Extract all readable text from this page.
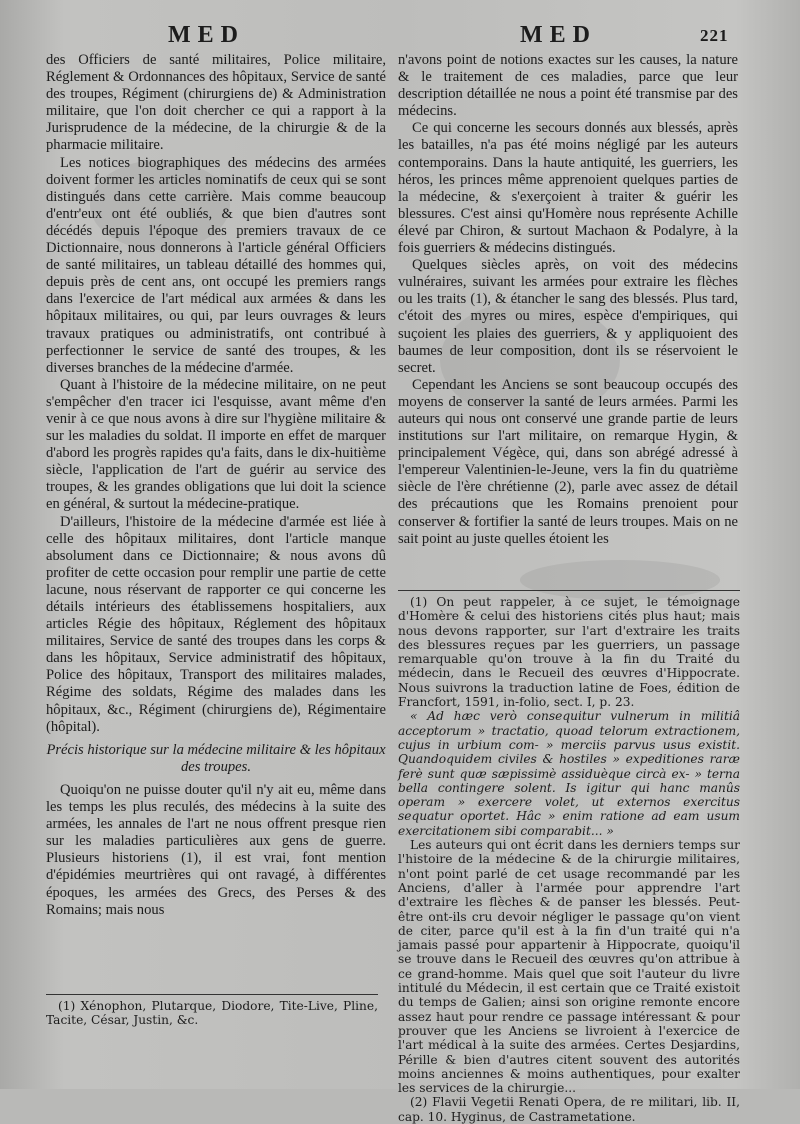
MED	MED	221

des Officiers de santé militaires, Police militaire, Réglement & Ordonnances des hôpitaux, Service de santé des troupes, Régiment (chirurgiens de) & Administration militaire, que l'on doit chercher ce qui a rapport à la Jurisprudence de la médecine, de la chirurgie & de la pharmacie militaire.

Les notices biographiques des médecins des armées doivent former les articles nominatifs de ceux qui se sont distingués dans cette carrière. Mais comme beaucoup d'entr'eux ont été oubliés, & que bien d'autres sont décédés depuis l'époque des premiers travaux de ce Dictionnaire, nous donnerons à l'article général Officiers de santé militaires, un tableau détaillé des hommes qui, depuis près de cent ans, ont occupé les premiers rangs dans l'exercice de l'art médical aux armées & dans les hôpitaux militaires, ou qui, par leurs ouvrages & leurs travaux pratiques ou administratifs, ont contribué à perfectionner le service de santé des troupes, & les diverses branches de la médecine d'armée.

Quant à l'histoire de la médecine militaire, on ne peut s'empêcher d'en tracer ici l'esquisse, avant même d'en venir à ce que nous avons à dire sur l'hygiène militaire & sur les maladies du soldat. Il importe en effet de marquer d'abord les progrès rapides qu'a faits, dans le dix-huitième siècle, l'application de l'art de guérir au service des troupes, & les grandes obligations que lui doit la science en général, & surtout la médecine-pratique.

D'ailleurs, l'histoire de la médecine d'armée est liée à celle des hôpitaux militaires, dont l'article manque absolument dans ce Dictionnaire; & nous avons dû profiter de cette occasion pour remplir une partie de cette lacune, nous réservant de rapporter ce qui concerne les détails intérieurs des établissemens hospitaliers, aux articles Régie des hôpitaux, Réglement des hôpitaux militaires, Service de santé des troupes dans les corps & dans les hôpitaux, Service administratif des hôpitaux, Police des hôpitaux, Transport des militaires malades, Régime des soldats, Régime des malades dans les hôpitaux, &c., Régiment (chirurgiens de), Régimentaire (hôpital).

Précis historique sur la médecine militaire & les hôpitaux des troupes.

Quoiqu'on ne puisse douter qu'il n'y ait eu, même dans les temps les plus reculés, des médecins à la suite des armées, les annales de l'art ne nous offrent presque rien sur les maladies particulières aux gens de guerre. Plusieurs historiens (1), il est vrai, font mention d'épidémies meurtrières qui ont ravagé, à différentes époques, les armées des Grecs, des Perses & des Romains; mais nous

(1) Xénophon, Plutarque, Diodore, Tite-Live, Pline, Tacite, César, Justin, &c.

n'avons point de notions exactes sur les causes, la nature & le traitement de ces maladies, parce que leur description détaillée ne nous a point été transmise par des médecins.

Ce qui concerne les secours donnés aux blessés, après les batailles, n'a pas été moins négligé par les auteurs contemporains. Dans la haute antiquité, les guerriers, les héros, les princes même apprenoient quelques parties de la médecine, & s'exerçoient à traiter & guérir les blessures. C'est ainsi qu'Homère nous représente Achille élevé par Chiron, & surtout Machaon & Podalyre, à la fois guerriers & médecins distingués.

Quelques siècles après, on voit des médecins vulnéraires, suivant les armées pour extraire les flèches ou les traits (1), & étancher le sang des blessés. Plus tard, c'étoit des myres ou mires, espèce d'empiriques, qui suçoient les plaies des guerriers, & y appliquoient des baumes de leur composition, dont ils se réservoient le secret.

Cependant les Anciens se sont beaucoup occupés des moyens de conserver la santé de leurs armées. Parmi les auteurs qui nous ont conservé une grande partie de leurs institutions sur l'art militaire, on remarque Hygin, & principalement Végèce, qui, dans son abrégé adressé à l'empereur Valentinien-le-Jeune, vers la fin du quatrième siècle de l'ère chrétienne (2), parle avec assez de détail des précautions que les Romains prenoient pour conserver & fortifier la santé de leurs troupes. Mais on ne sait point au juste quelles étoient les

(1) On peut rappeler, à ce sujet, le témoignage d'Homère & celui des historiens cités plus haut; mais nous devons rapporter, sur l'art d'extraire les traits des blessures reçues par les guerriers, un passage remarquable qu'on trouve à la fin du Traité du médecin, dans le Recueil des œuvres d'Hippocrate. Nous suivrons la traduction latine de Foes, édition de Francfort, 1591, in-folio, sect. I, p. 23.

« Ad hæc verò consequitur vulnerum in militiâ acceptorum » tractatio, quoad telorum extractionem, cujus in urbium com- » merciis parvus usus existit. Quandoquidem civiles & hostiles » expeditiones raræ ferè sunt quæ sæpissimè assiduèque circà ex- » terna bella contingere solent. Is igitur qui hanc manûs operam » exercere volet, ut externos exercitus sequatur oportet. Hâc » enim ratione ad eam usum exercitationem sibi comparabit... »

Les auteurs qui ont écrit dans les derniers temps sur l'histoire de la médecine & de la chirurgie militaires, n'ont point parlé de cet usage recommandé par les Anciens, d'aller à l'armée pour apprendre l'art d'extraire les flèches & de panser les blessés. Peut-être ont-ils cru devoir négliger le passage qu'on vient de citer, parce qu'il est à la fin d'un traité qui n'a jamais passé pour appartenir à Hippocrate, quoiqu'il se trouve dans le Recueil des œuvres qu'on attribue à ce grand-homme. Mais quel que soit l'auteur du livre intitulé du Médecin, il est certain que ce Traité existoit du temps de Galien; ainsi son origine remonte encore assez haut pour rendre ce passage intéressant & pour prouver que les Anciens se livroient à l'exercice de l'art médical à la suite des armées. Certes Desjardins, Pérille & bien d'autres citent souvent des autorités moins anciennes & moins authentiques, pour exalter les services de la chirurgie...

(2) Flavii Vegetii Renati Opera, de re militari, lib. II, cap. 10. Hyginus, de Castrametatione.
